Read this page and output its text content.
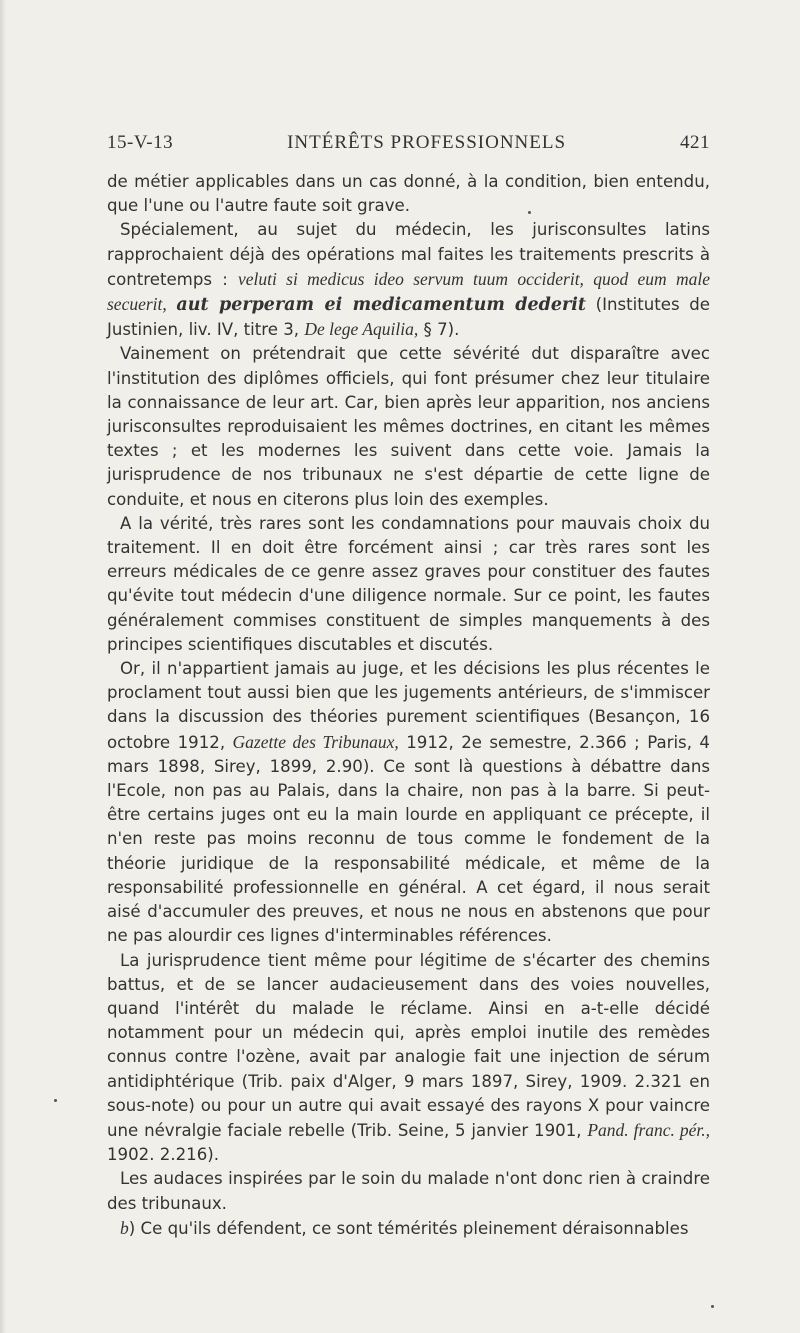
15-V-13	INTÉRÊTS PROFESSIONNELS	421

de métier applicables dans un cas donné, à la condition, bien entendu, que l'une ou l'autre faute soit grave.

Spécialement, au sujet du médecin, les jurisconsultes latins rapprochaient déjà des opérations mal faites les traitements prescrits à contretemps : veluti si medicus ideo servum tuum occiderit, quod eum male secuerit, aut perperam ei medicamentum dederit (Institutes de Justinien, liv. IV, titre 3, De lege Aquilia, § 7).

Vainement on prétendrait que cette sévérité dut disparaître avec l'institution des diplômes officiels, qui font présumer chez leur titulaire la connaissance de leur art. Car, bien après leur apparition, nos anciens jurisconsultes reproduisaient les mêmes doctrines, en citant les mêmes textes ; et les modernes les suivent dans cette voie. Jamais la jurisprudence de nos tribunaux ne s'est départie de cette ligne de conduite, et nous en citerons plus loin des exemples.

A la vérité, très rares sont les condamnations pour mauvais choix du traitement. Il en doit être forcément ainsi ; car très rares sont les erreurs médicales de ce genre assez graves pour constituer des fautes qu'évite tout médecin d'une diligence normale. Sur ce point, les fautes généralement commises constituent de simples manquements à des principes scientifiques discutables et discutés.

Or, il n'appartient jamais au juge, et les décisions les plus récentes le proclament tout aussi bien que les jugements antérieurs, de s'immiscer dans la discussion des théories purement scientifiques (Besançon, 16 octobre 1912, Gazette des Tribunaux, 1912, 2e semestre, 2.366 ; Paris, 4 mars 1898, Sirey, 1899, 2.90). Ce sont là questions à débattre dans l'Ecole, non pas au Palais, dans la chaire, non pas à la barre. Si peut-être certains juges ont eu la main lourde en appliquant ce précepte, il n'en reste pas moins reconnu de tous comme le fondement de la théorie juridique de la responsabilité médicale, et même de la responsabilité professionnelle en général. A cet égard, il nous serait aisé d'accumuler des preuves, et nous ne nous en abstenons que pour ne pas alourdir ces lignes d'interminables références.

La jurisprudence tient même pour légitime de s'écarter des chemins battus, et de se lancer audacieusement dans des voies nouvelles, quand l'intérêt du malade le réclame. Ainsi en a-t-elle décidé notamment pour un médecin qui, après emploi inutile des remèdes connus contre l'ozène, avait par analogie fait une injection de sérum antidiphtérique (Trib. paix d'Alger, 9 mars 1897, Sirey, 1909. 2.321 en sous-note) ou pour un autre qui avait essayé des rayons X pour vaincre une névralgie faciale rebelle (Trib. Seine, 5 janvier 1901, Pand. franc. pér., 1902. 2.216).

Les audaces inspirées par le soin du malade n'ont donc rien à craindre des tribunaux.

b) Ce qu'ils défendent, ce sont témérités pleinement déraisonnables
